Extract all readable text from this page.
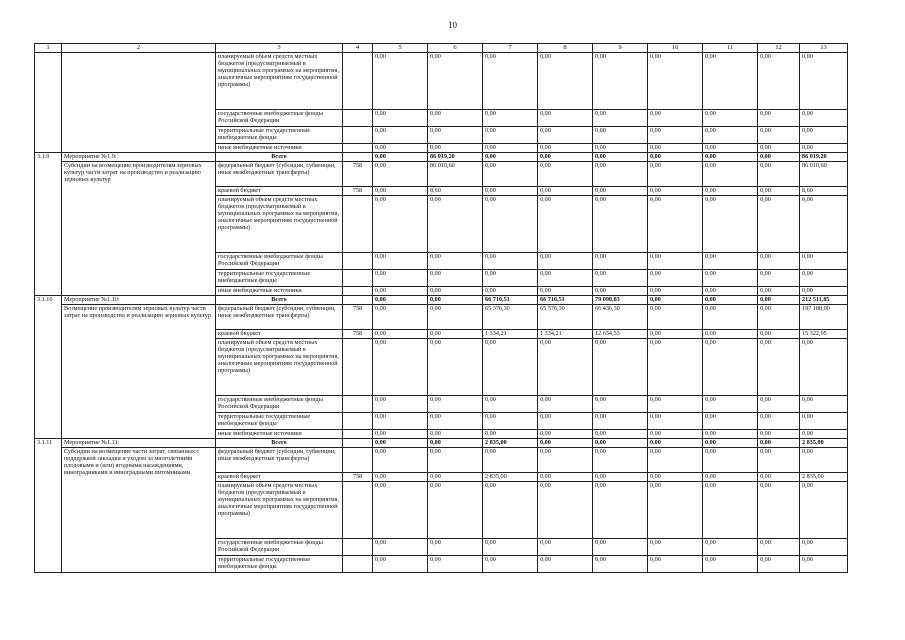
10
1	2	3	4	5	6	7	8	9	10	11	12	13
		планируемый объем средств местных бюджетов (предусматриваемый в муниципальных программах на мероприятия, аналогичные мероприятиям государственной программы)		0,00	0,00	0,00	0,00	0,00	0,00	0,00	0,00	0,00
		государственные внебюджетные фонды Российской Федерации		0,00	0,00	0,00	0,00	0,00	0,00	0,00	0,00	0,00
		территориальные государственные внебюджетные фонды		0,00	0,00	0,00	0,00	0,00	0,00	0,00	0,00	0,00
		иные внебюджетные источники		0,00	0,00	0,00	0,00	0,00	0,00	0,00	0,00	0,00
3.1.9	Мероприятие №1.9:	Всего		0,00	86 019,20	0,00	0,00	0,00	0,00	0,00	0,00	86 019,20
	Субсидии на возмещение производителям зерновых культур части затрат на производство и реализацию зерновых культур	федеральный бюджет (субсидии, субвенции, иные межбюджетные трансферты)	758	0,00	86 010,60	0,00	0,00	0,00	0,00	0,00	0,00	86 010,60
		краевой бюджет	758	0,00	8,60	0,00	0,00	0,00	0,00	0,00	0,00	8,60
		планируемый объем средств местных бюджетов (предусматриваемый в муниципальных программах на мероприятия, аналогичные мероприятиям государственной программы)		0,00	0,00	0,00	0,00	0,00	0,00	0,00	0,00	0,00
		государственные внебюджетные фонды Российской Федерации		0,00	0,00	0,00	0,00	0,00	0,00	0,00	0,00	0,00
		территориальные государственные внебюджетные фонды		0,00	0,00	0,00	0,00	0,00	0,00	0,00	0,00	0,00
		иные внебюджетные источники		0,00	0,00	0,00	0,00	0,00	0,00	0,00	0,00	0,00
3.1.10	Мероприятие №1.10:	Всего		0,00	0,00	66 710,51	66 710,51	79 090,83	0,00	0,00	0,00	212 511,85
	Возмещение производителям зерновых культур части затрат на производство и реализацию зерновых культур	федеральный бюджет (субсидии, субвенции, иные межбюджетные трансферты)	758	0,00	0,00	65 376,30	65 376,30	66 436,30	0,00	0,00	0,00	197 188,90
		краевой бюджет	758	0,00	0,00	1 334,21	1 334,21	12 654,53	0,00	0,00	0,00	15 322,95
		планируемый объем средств местных бюджетов (предусматриваемый в муниципальных программах на мероприятия, аналогичные мероприятиям государственной программы)		0,00	0,00	0,00	0,00	0,00	0,00	0,00	0,00	0,00
		государственные внебюджетные фонды Российской Федерации		0,00	0,00	0,00	0,00	0,00	0,00	0,00	0,00	0,00
		территориальные государственные внебюджетные фонды		0,00	0,00	0,00	0,00	0,00	0,00	0,00	0,00	0,00
		иные внебюджетные источники		0,00	0,00	0,00	0,00	0,00	0,00	0,00	0,00	0,00
3.1.11	Мероприятие №1.11:	Всего		0,00	0,00	2 835,00	0,00	0,00	0,00	0,00	0,00	2 835,00
	Субсидии на возмещение части затрат, связанных с поддержкой закладки и уходом за многолетними плодовыми и (или) ягодными насаждениями, виноградниками и виноградными питомниками	федеральный бюджет (субсидии, субвенции, иные межбюджетные трансферты)		0,00	0,00	0,00	0,00	0,00	0,00	0,00	0,00	0,00
		краевой бюджет	758	0,00	0,00	2 835,00	0,00	0,00	0,00	0,00	0,00	2 835,00
		планируемый объем средств местных бюджетов (предусматриваемый в муниципальных программах на мероприятия, аналогичные мероприятиям государственной программы)		0,00	0,00	0,00	0,00	0,00	0,00	0,00	0,00	0,00
		государственные внебюджетные фонды Российской Федерации		0,00	0,00	0,00	0,00	0,00	0,00	0,00	0,00	0,00
		территориальные государственные внебюджетные фонды		0,00	0,00	0,00	0,00	0,00	0,00	0,00	0,00	0,00
